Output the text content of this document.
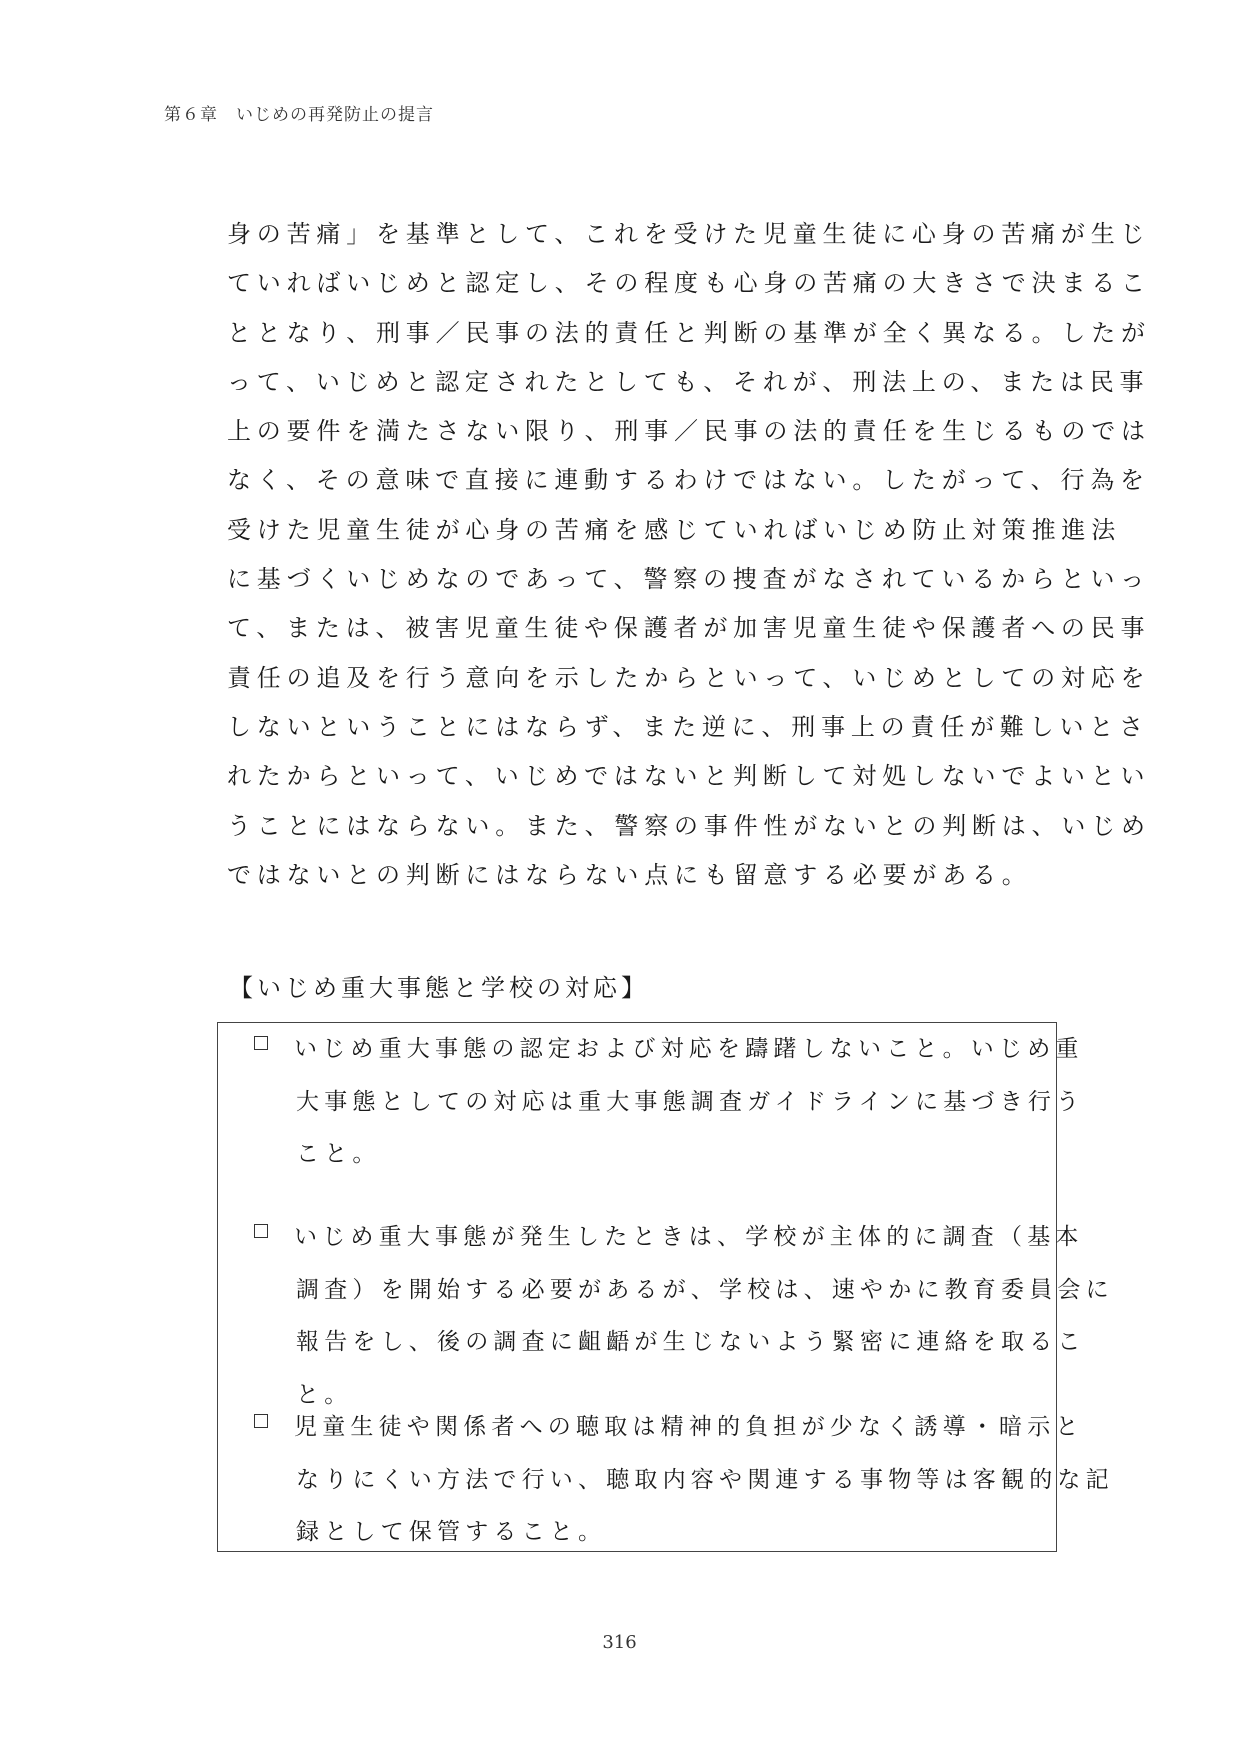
第６章　いじめの再発防止の提言
身の苦痛」を基準として、これを受けた児童生徒に心身の苦痛が生じ
ていればいじめと認定し、その程度も心身の苦痛の大きさで決まるこ
ととなり、刑事／民事の法的責任と判断の基準が全く異なる。したが
って、いじめと認定されたとしても、それが、刑法上の、または民事
上の要件を満たさない限り、刑事／民事の法的責任を生じるものでは
なく、その意味で直接に連動するわけではない。したがって、行為を
受けた児童生徒が心身の苦痛を感じていればいじめ防止対策推進法
に基づくいじめなのであって、警察の捜査がなされているからといっ
て、または、被害児童生徒や保護者が加害児童生徒や保護者への民事
責任の追及を行う意向を示したからといって、いじめとしての対応を
しないということにはならず、また逆に、刑事上の責任が難しいとさ
れたからといって、いじめではないと判断して対処しないでよいとい
うことにはならない。また、警察の事件性がないとの判断は、いじめ
ではないとの判断にはならない点にも留意する必要がある。
【いじめ重大事態と学校の対応】
いじめ重大事態の認定および対応を躊躇しないこと。いじめ重
大事態としての対応は重大事態調査ガイドラインに基づき行う
こと。
いじめ重大事態が発生したときは、学校が主体的に調査（基本
調査）を開始する必要があるが、学校は、速やかに教育委員会に
報告をし、後の調査に齟齬が生じないよう緊密に連絡を取るこ
と。
児童生徒や関係者への聴取は精神的負担が少なく誘導・暗示と
なりにくい方法で行い、聴取内容や関連する事物等は客観的な記
録として保管すること。
316
